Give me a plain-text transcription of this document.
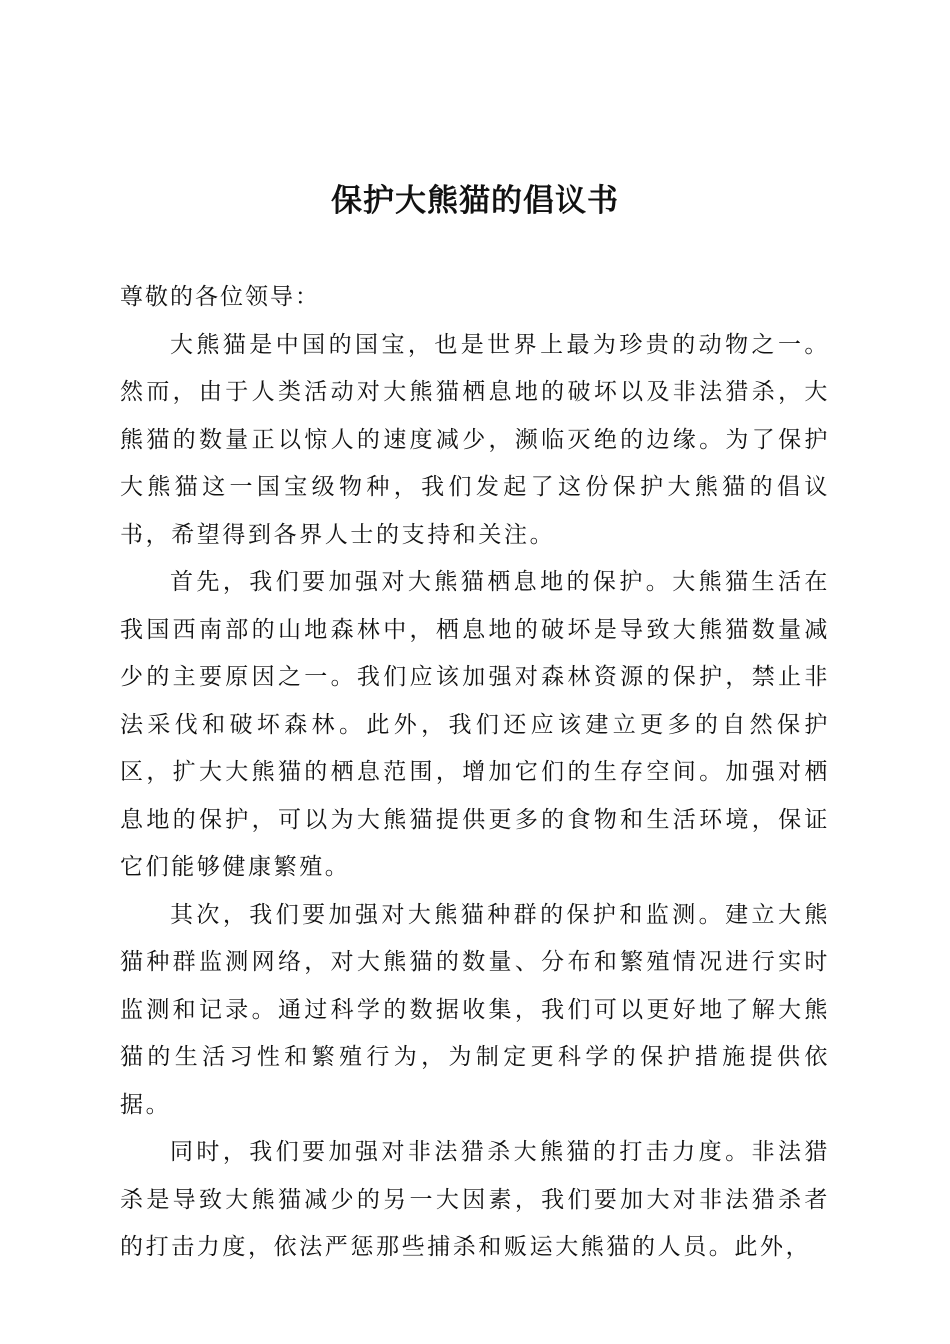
保护大熊猫的倡议书

尊敬的各位领导：

大熊猫是中国的国宝，也是世界上最为珍贵的动物之一。然而，由于人类活动对大熊猫栖息地的破坏以及非法猎杀，大熊猫的数量正以惊人的速度减少，濒临灭绝的边缘。为了保护大熊猫这一国宝级物种，我们发起了这份保护大熊猫的倡议书，希望得到各界人士的支持和关注。

首先，我们要加强对大熊猫栖息地的保护。大熊猫生活在我国西南部的山地森林中，栖息地的破坏是导致大熊猫数量减少的主要原因之一。我们应该加强对森林资源的保护，禁止非法采伐和破坏森林。此外，我们还应该建立更多的自然保护区，扩大大熊猫的栖息范围，增加它们的生存空间。加强对栖息地的保护，可以为大熊猫提供更多的食物和生活环境，保证它们能够健康繁殖。

其次，我们要加强对大熊猫种群的保护和监测。建立大熊猫种群监测网络，对大熊猫的数量、分布和繁殖情况进行实时监测和记录。通过科学的数据收集，我们可以更好地了解大熊猫的生活习性和繁殖行为，为制定更科学的保护措施提供依据。

同时，我们要加强对非法猎杀大熊猫的打击力度。非法猎杀是导致大熊猫减少的另一大因素，我们要加大对非法猎杀者的打击力度，依法严惩那些捕杀和贩运大熊猫的人员。此外，
